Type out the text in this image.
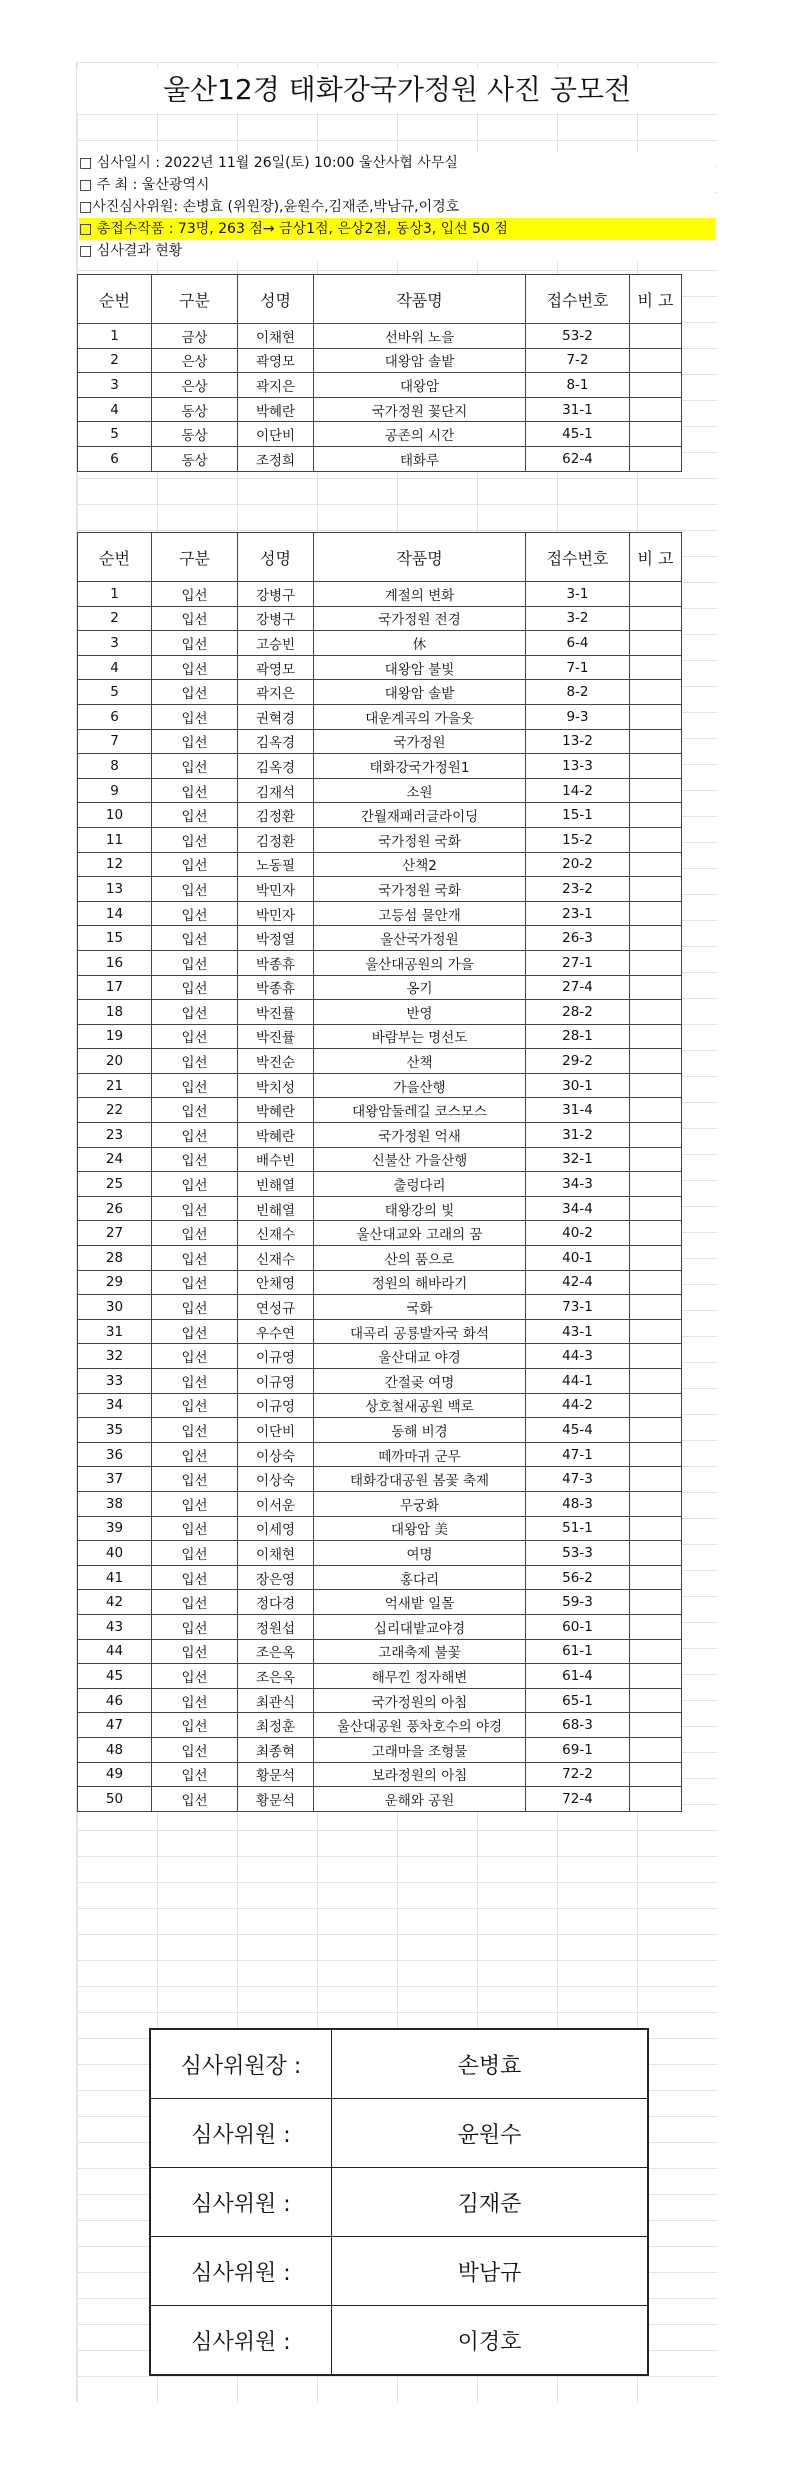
울산12경 태화강국가정원 사진 공모전
□ 심사일시 : 2022년 11월 26일(토) 10:00 울산사협 사무실
□ 주 최 : 울산광역시
□사진심사위원: 손병효 (위원장),윤원수,김재준,박남규,이경호
□ 총접수작품 : 73명, 263 점→ 금상1점, 은상2점, 동상3, 입선 50 점
□ 심사결과 현황
순번	구분	성명	작품명	접수번호	비 고
1	금상	이채현	선바위 노을	53-2	
2	은상	곽영모	대왕암 솔밭	7-2	
3	은상	곽지은	대왕암	8-1	
4	동상	박혜란	국가정원 꽃단지	31-1	
5	동상	이단비	공존의 시간	45-1	
6	동상	조정희	태화루	62-4	
순번	구분	성명	작품명	접수번호	비 고
1	입선	강병구	계절의 변화	3-1	
2	입선	강병구	국가정원 전경	3-2	
3	입선	고승빈	休	6-4	
4	입선	곽영모	대왕암 불빛	7-1	
5	입선	곽지은	대왕암 솔밭	8-2	
6	입선	권혁경	대운계곡의 가을옷	9-3	
7	입선	김옥경	국가정원	13-2	
8	입선	김옥경	태화강국가정원1	13-3	
9	입선	김재석	소원	14-2	
10	입선	김정환	간월재패러글라이딩	15-1	
11	입선	김정환	국가정원 국화	15-2	
12	입선	노동필	산책2	20-2	
13	입선	박민자	국가정원 국화	23-2	
14	입선	박민자	고등섬 물안개	23-1	
15	입선	박정열	울산국가정원	26-3	
16	입선	박종휴	울산대공원의 가을	27-1	
17	입선	박종휴	옹기	27-4	
18	입선	박진률	반영	28-2	
19	입선	박진률	바람부는 명선도	28-1	
20	입선	박진순	산책	29-2	
21	입선	박치성	가을산행	30-1	
22	입선	박혜란	대왕암둘레길 코스모스	31-4	
23	입선	박혜란	국가정원 억새	31-2	
24	입선	배수빈	신불산 가을산행	32-1	
25	입선	빈해열	출렁다리	34-3	
26	입선	빈해열	태왕강의 빛	34-4	
27	입선	신재수	울산대교와 고래의 꿈	40-2	
28	입선	신재수	산의 품으로	40-1	
29	입선	안채영	정원의 해바라기	42-4	
30	입선	연성규	국화	73-1	
31	입선	우수연	대곡리 공룡발자국 화석	43-1	
32	입선	이규영	울산대교 야경	44-3	
33	입선	이규영	간절곶 여명	44-1	
34	입선	이규영	상호철새공원 백로	44-2	
35	입선	이단비	동해 비경	45-4	
36	입선	이상숙	떼까마귀 군무	47-1	
37	입선	이상숙	태화강대공원 봄꽃 축제	47-3	
38	입선	이서운	무궁화	48-3	
39	입선	이세영	대왕암 美	51-1	
40	입선	이채현	여명	53-3	
41	입선	장은영	홍다리	56-2	
42	입선	정다경	억새밭 일몰	59-3	
43	입선	정원섭	십리대밭교야경	60-1	
44	입선	조은옥	고래축제 불꽃	61-1	
45	입선	조은옥	해무낀 정자해변	61-4	
46	입선	최관식	국가정원의 아침	65-1	
47	입선	최정훈	울산대공원 풍차호수의 야경	68-3	
48	입선	최종혁	고래마을 조형물	69-1	
49	입선	황문석	보라정원의 아침	72-2	
50	입선	황문석	운해와 공원	72-4	
심사위원장 :	손병효
심사위원 :	윤원수
심사위원 :	김재준
심사위원 :	박남규
심사위원 :	이경호
